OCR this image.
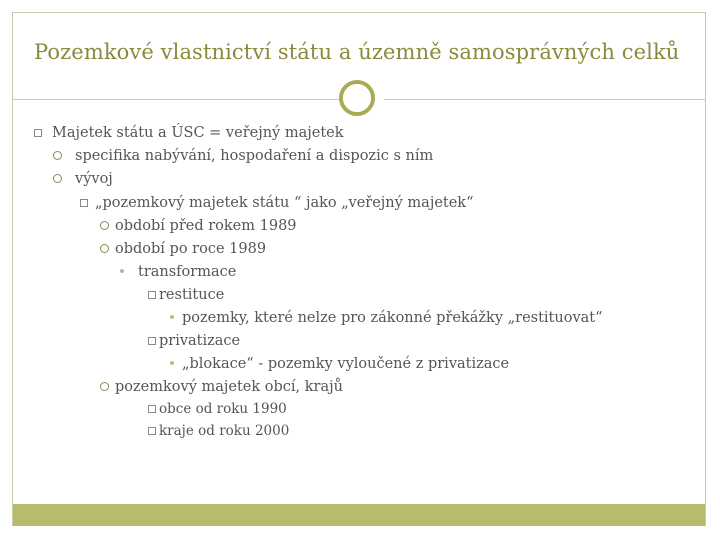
Pozemkové vlastnictví státu a územně samosprávných celků
Majetek státu a ÚSC = veřejný majetek
specifika nabývání, hospodaření a dispozic s ním
vývoj
„pozemkový majetek státu “ jako „veřejný majetek“
období před rokem 1989
období po roce 1989
transformace
restituce
pozemky, které nelze pro zákonné překážky „restituovat“
privatizace
„blokace“ - pozemky vyloučené z privatizace
pozemkový majetek obcí, krajů
obce od roku 1990
kraje od roku 2000
